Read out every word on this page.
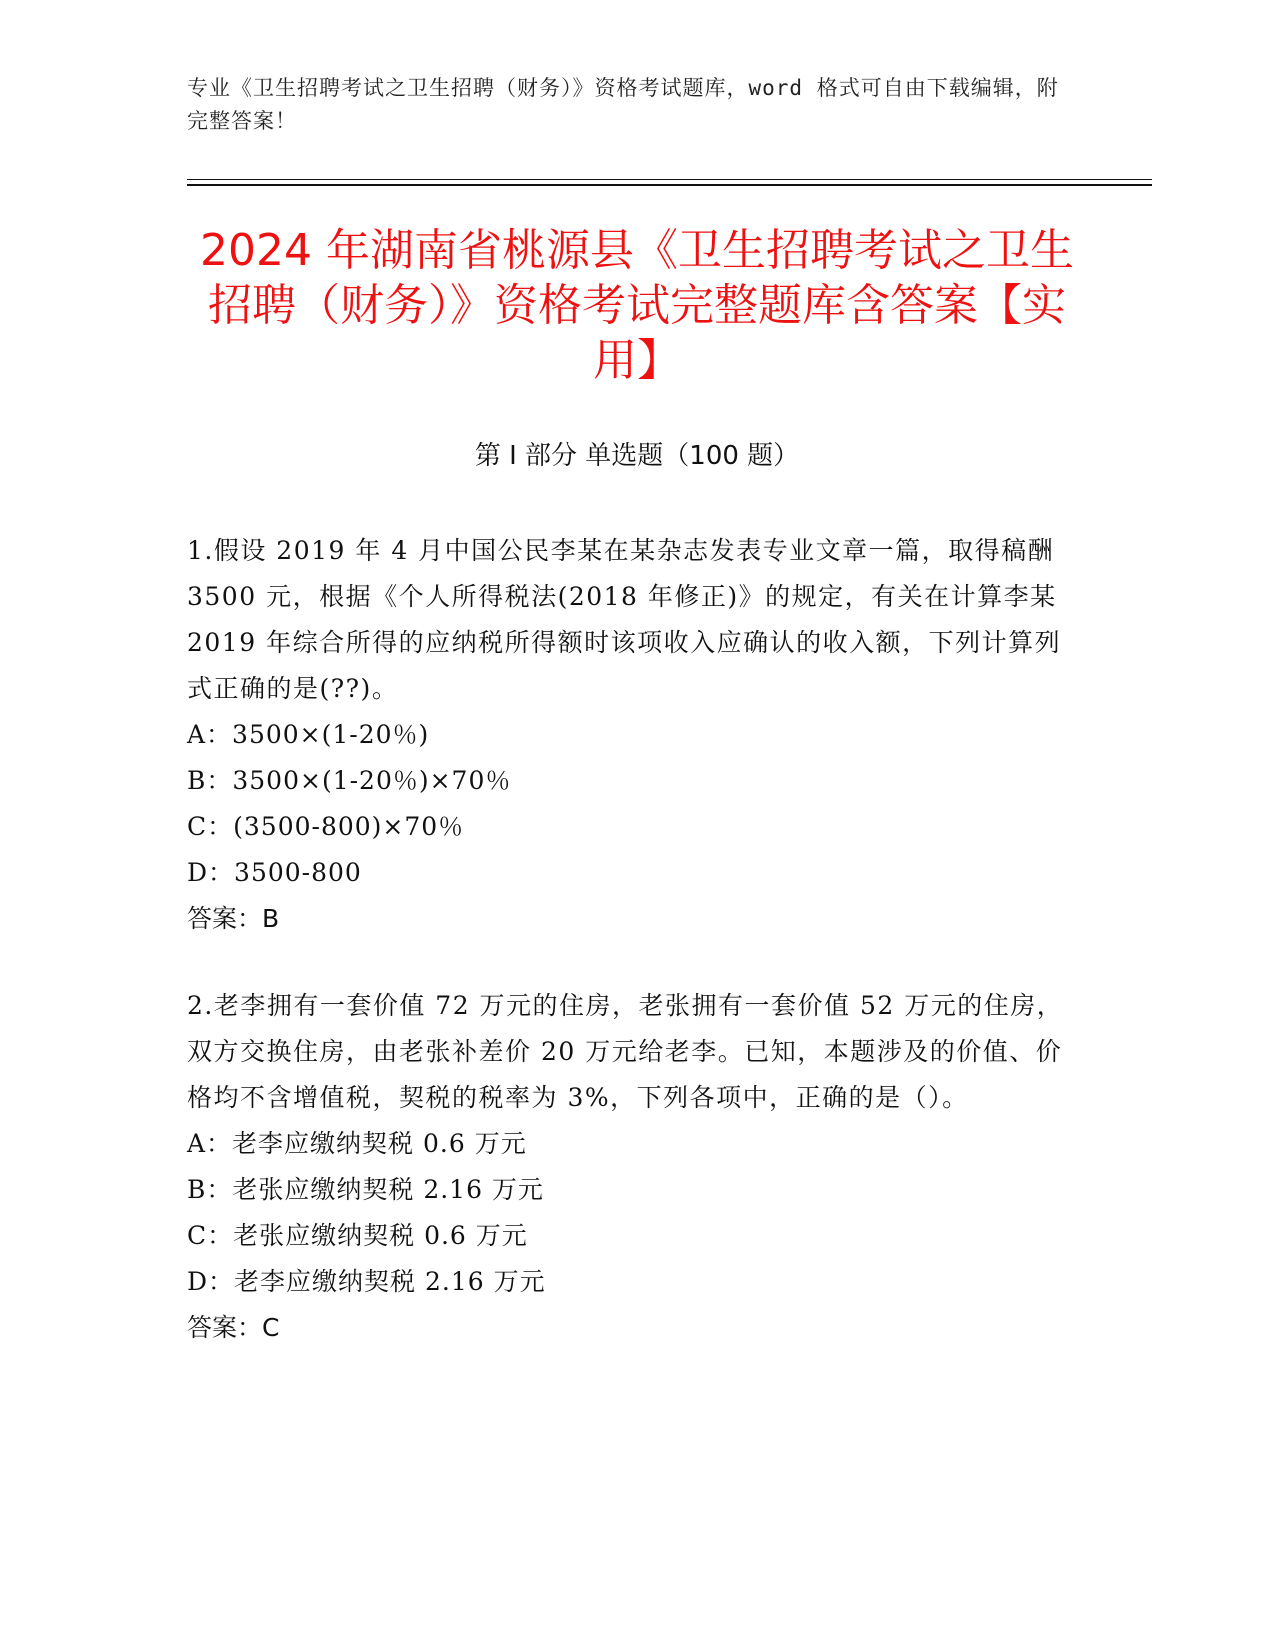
专业《卫生招聘考试之卫生招聘（财务）》资格考试题库，word 格式可自由下载编辑，附完整答案！
2024 年湖南省桃源县《卫生招聘考试之卫生招聘（财务）》资格考试完整题库含答案【实用】
第 I 部分 单选题（100 题）

1.假设 2019 年 4 月中国公民李某在某杂志发表专业文章一篇，取得稿酬 3500 元，根据《个人所得税法(2018 年修正)》的规定，有关在计算李某 2019 年综合所得的应纳税所得额时该项收入应确认的收入额，下列计算列式正确的是(??)。

A：3500×(1-20％)

B：3500×(1-20％)×70％

C：(3500-800)×70％

D：3500-800

答案：B

2.老李拥有一套价值 72 万元的住房，老张拥有一套价值 52 万元的住房，双方交换住房，由老张补差价 20 万元给老李。已知，本题涉及的价值、价格均不含增值税，契税的税率为 3%，下列各项中，正确的是（）。

A：老李应缴纳契税 0.6 万元

B：老张应缴纳契税 2.16 万元

C：老张应缴纳契税 0.6 万元

D：老李应缴纳契税 2.16 万元

答案：C
